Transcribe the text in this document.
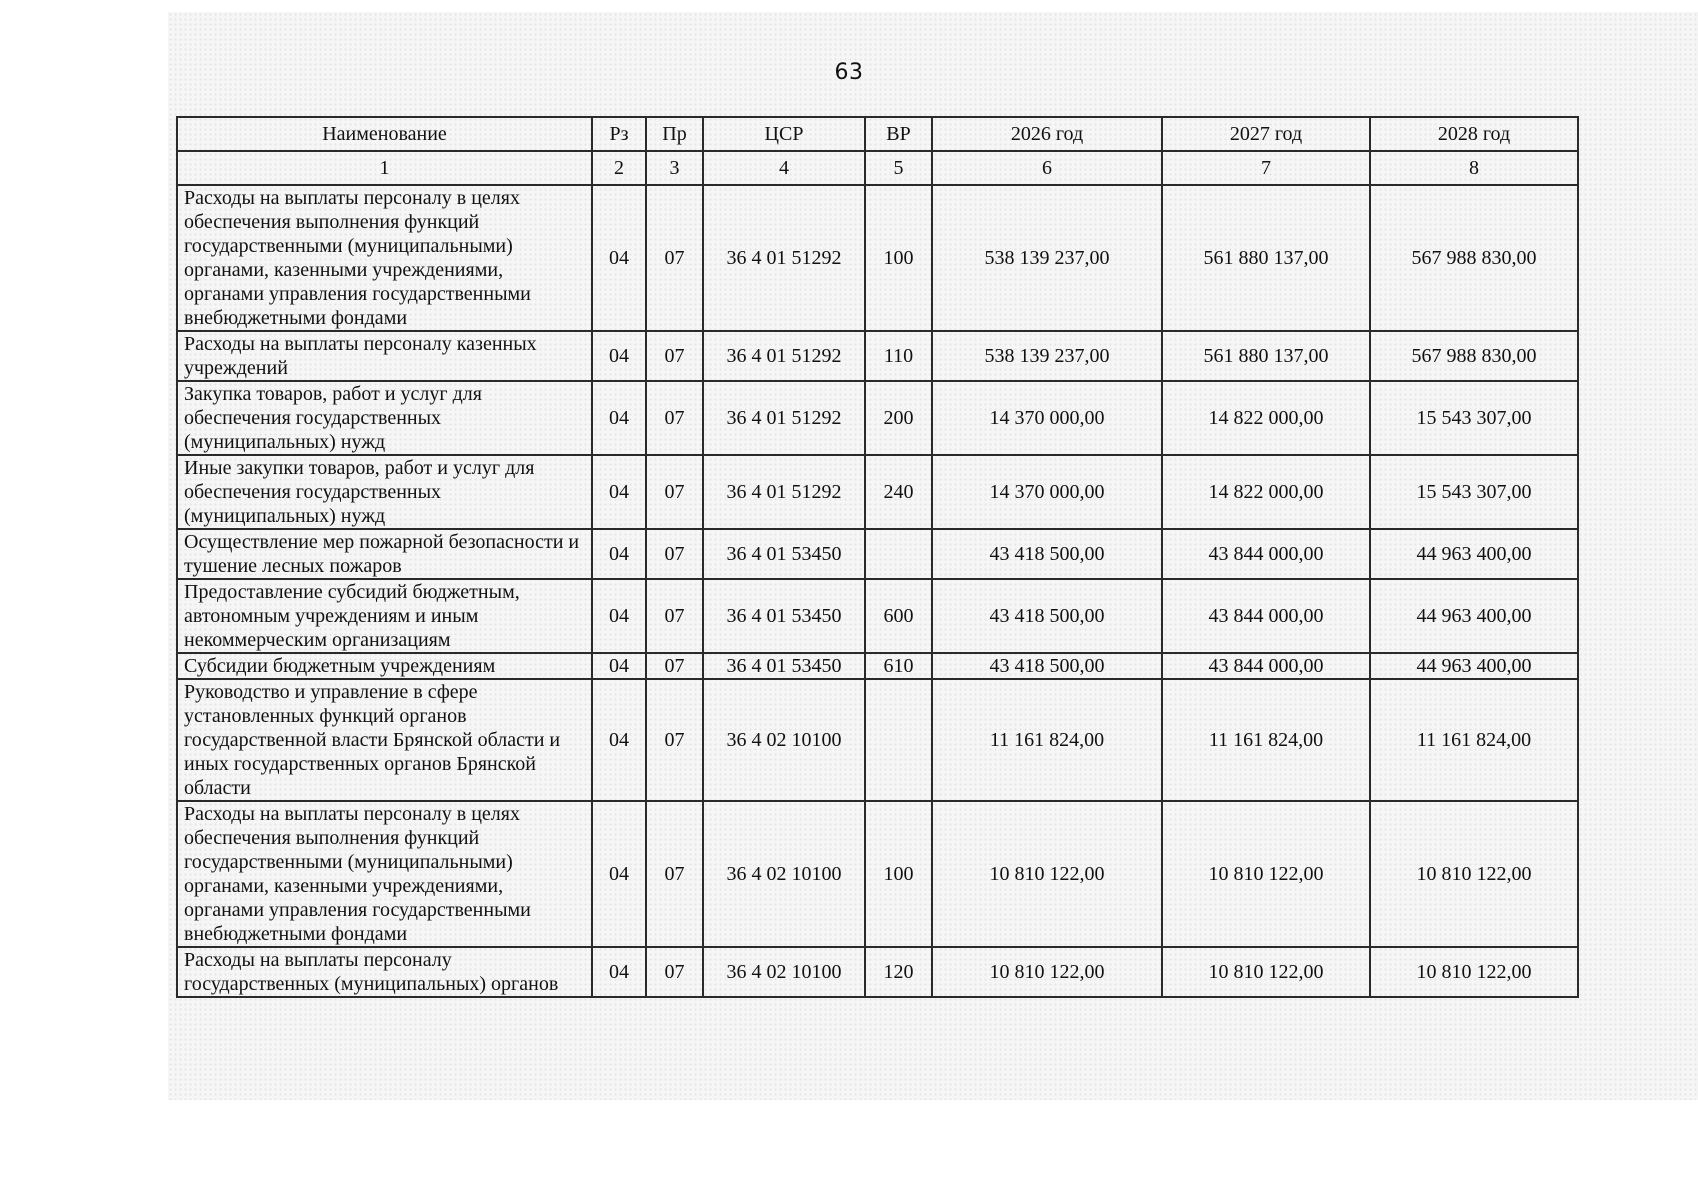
63
Наименование	Рз	Пр	ЦСР	ВР	2026 год	2027 год	2028 год
1	2	3	4	5	6	7	8
Расходы на выплаты персоналу в целях обеспечения выполнения функций государственными (муниципальными) органами, казенными учреждениями, органами управления государственными внебюджетными фондами	04	07	36 4 01 51292	100	538 139 237,00	561 880 137,00	567 988 830,00
Расходы на выплаты персоналу казенных учреждений	04	07	36 4 01 51292	110	538 139 237,00	561 880 137,00	567 988 830,00
Закупка товаров, работ и услуг для обеспечения государственных (муниципальных) нужд	04	07	36 4 01 51292	200	14 370 000,00	14 822 000,00	15 543 307,00
Иные закупки товаров, работ и услуг для обеспечения государственных (муниципальных) нужд	04	07	36 4 01 51292	240	14 370 000,00	14 822 000,00	15 543 307,00
Осуществление мер пожарной безопасности и тушение лесных пожаров	04	07	36 4 01 53450		43 418 500,00	43 844 000,00	44 963 400,00
Предоставление субсидий бюджетным, автономным учреждениям и иным некоммерческим организациям	04	07	36 4 01 53450	600	43 418 500,00	43 844 000,00	44 963 400,00
Субсидии бюджетным учреждениям	04	07	36 4 01 53450	610	43 418 500,00	43 844 000,00	44 963 400,00
Руководство и управление в сфере установленных функций органов государственной власти Брянской области и иных государственных органов Брянской области	04	07	36 4 02 10100		11 161 824,00	11 161 824,00	11 161 824,00
Расходы на выплаты персоналу в целях обеспечения выполнения функций государственными (муниципальными) органами, казенными учреждениями, органами управления государственными внебюджетными фондами	04	07	36 4 02 10100	100	10 810 122,00	10 810 122,00	10 810 122,00
Расходы на выплаты персоналу государственных (муниципальных) органов	04	07	36 4 02 10100	120	10 810 122,00	10 810 122,00	10 810 122,00
